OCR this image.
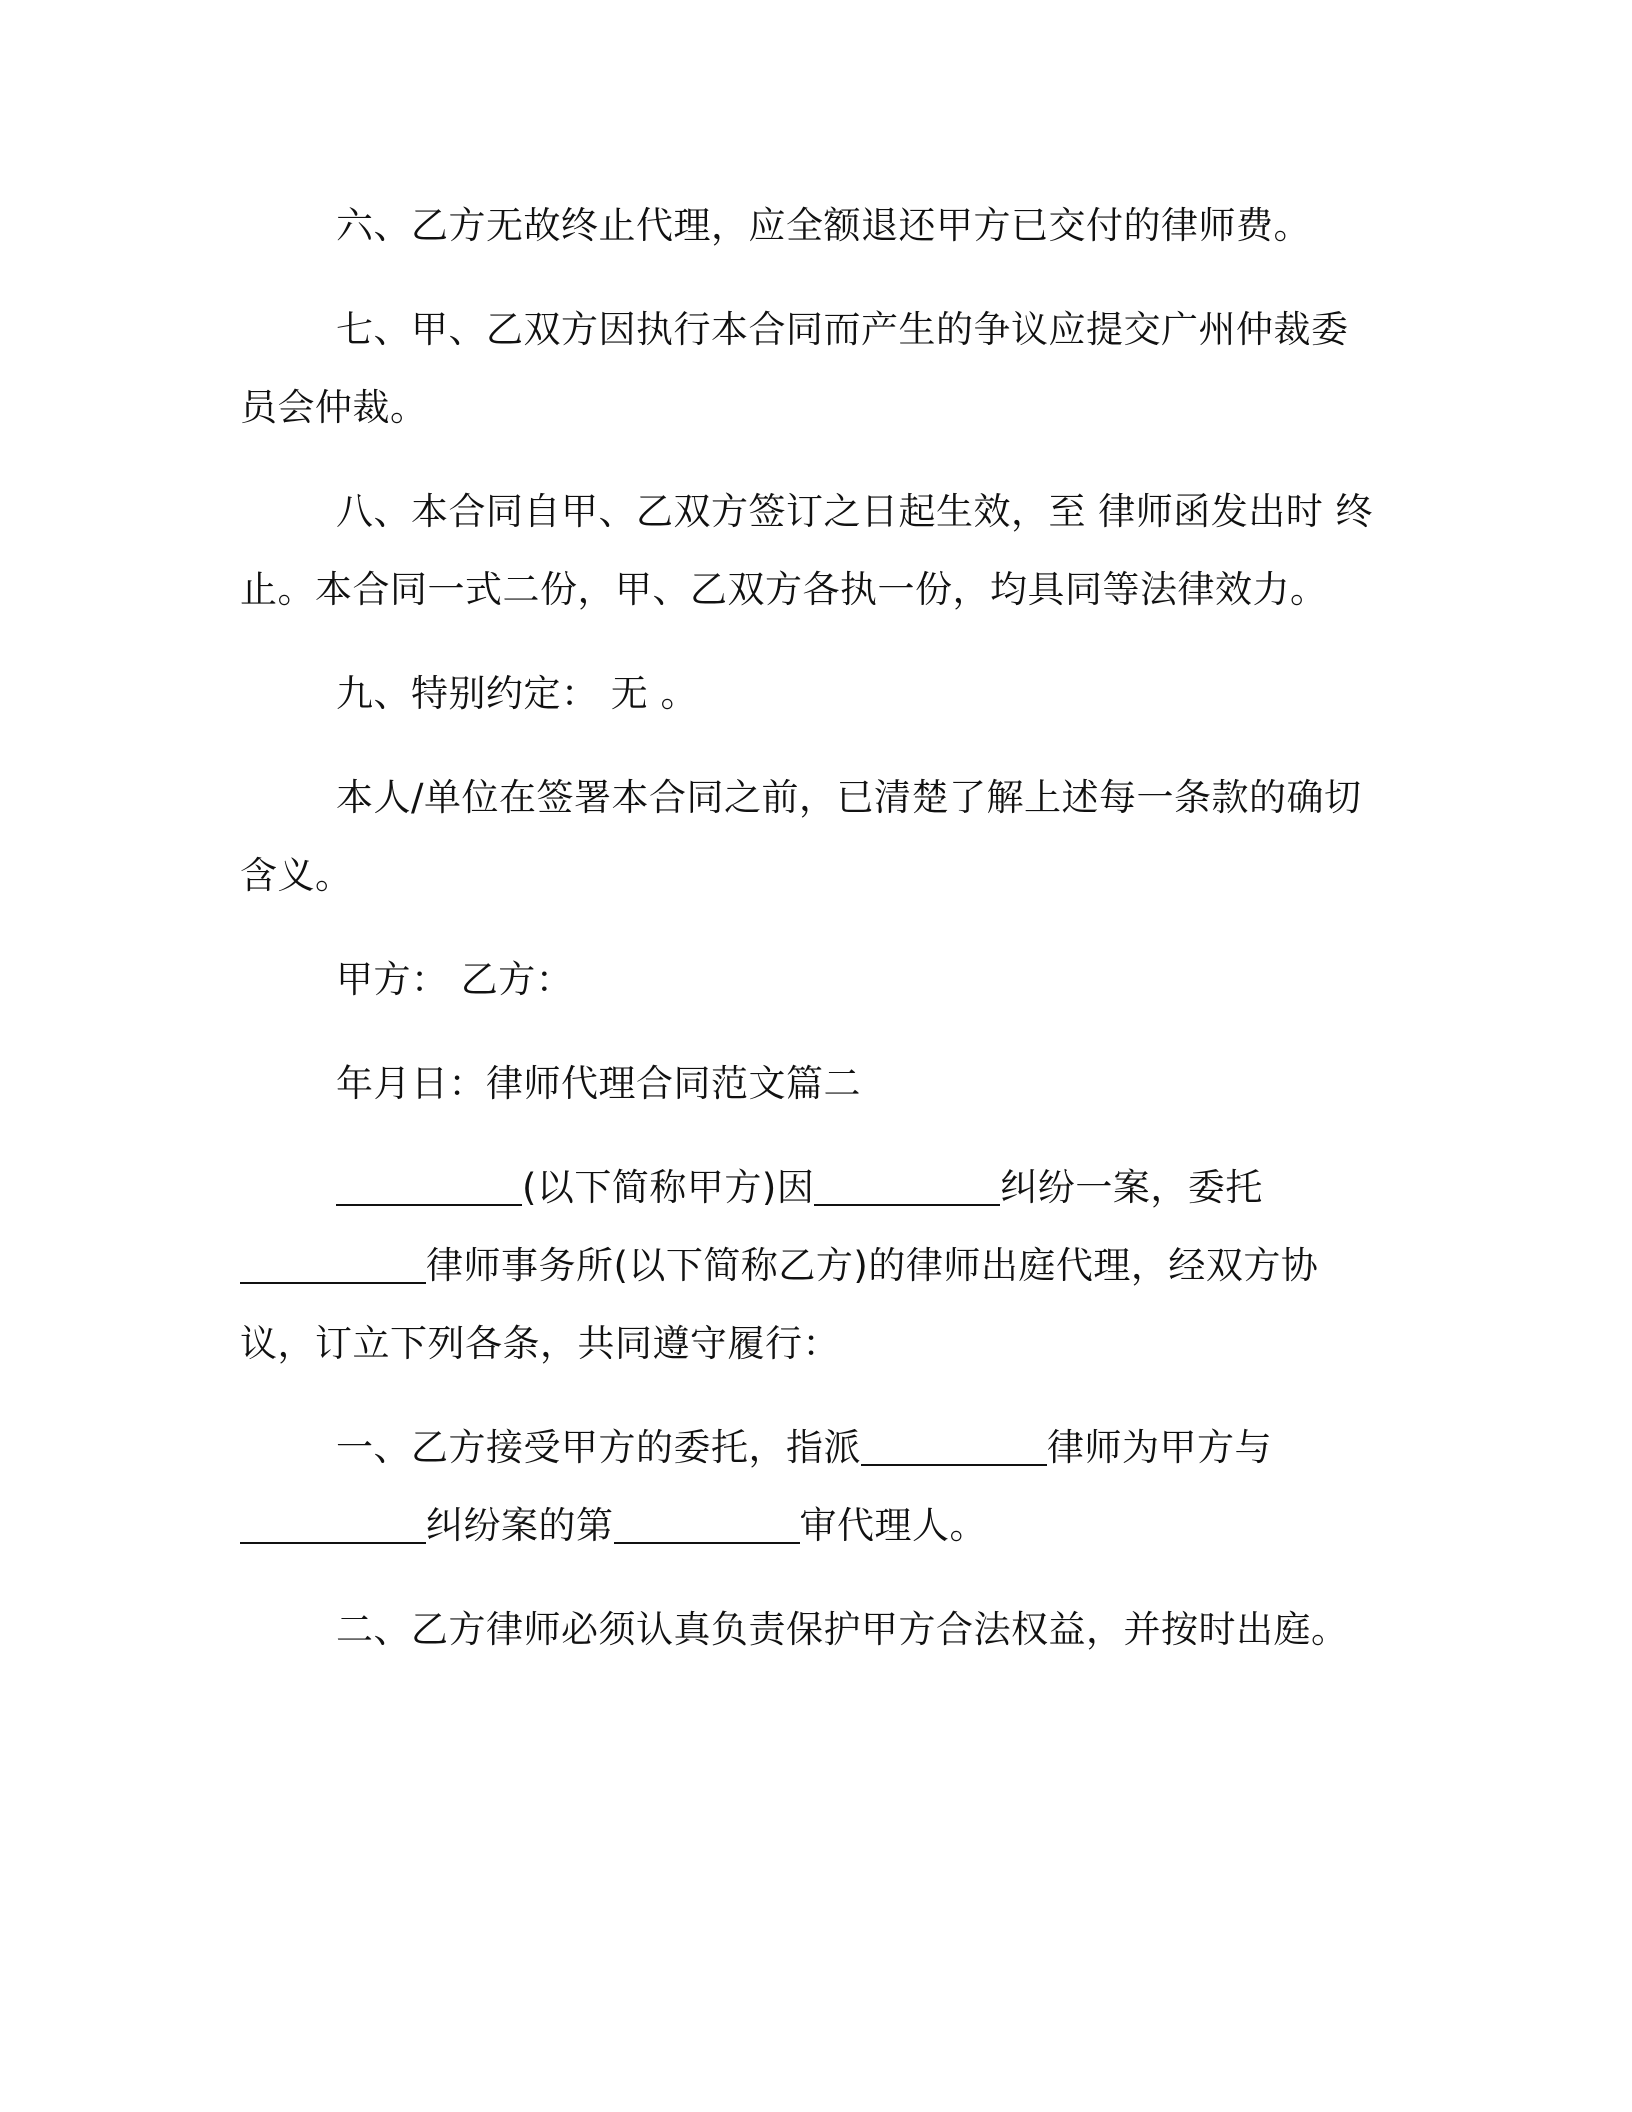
六、乙方无故终止代理，应全额退还甲方已交付的律师费。

七、甲、乙双方因执行本合同而产生的争议应提交广州仲裁委员会仲裁。

八、本合同自甲、乙双方签订之日起生效，至 律师函发出时 终止。本合同一式二份，甲、乙双方各执一份，均具同等法律效力。

九、特别约定： 无 。

本人/单位在签署本合同之前，已清楚了解上述每一条款的确切含义。

甲方： 乙方：

年月日：律师代理合同范文篇二

(以下简称甲方)因	纠纷一案，委托律师事务所(以下简称乙方)的律师出庭代理，经双方协议，订立下列各条，共同遵守履行：

一、乙方接受甲方的委托，指派	律师为甲方与纠纷案的第	审代理人。

二、乙方律师必须认真负责保护甲方合法权益，并按时出庭。
